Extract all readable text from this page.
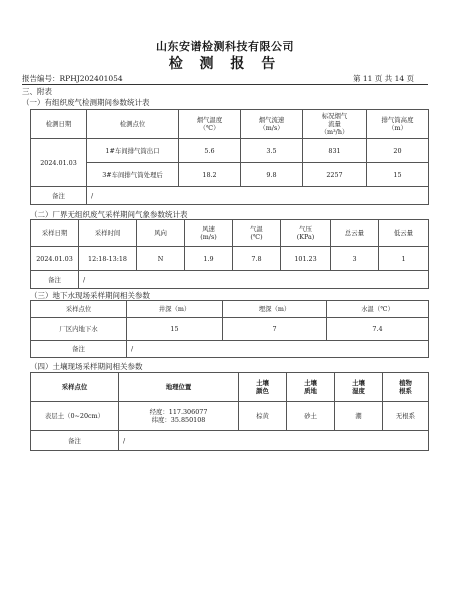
山东安谱检测科技有限公司
检 测 报 告
报告编号：RPHJ202401054	第 11 页 共 14 页
三、附表
（一）有组织废气检测期间参数统计表
检测日期	检测点位	烟气温度
（℃）	烟气流速
（m/s）	标况烟气
流量
（m³/h）	排气筒高度
（m）
2024.01.03	1#车间排气筒出口	5.6	3.5	831	20
	3#车间排气筒处理后	18.2	9.8	2257	15
备注	/				
（二）厂界无组织废气采样期间气象参数统计表
采样日期	采样时间	风向	风速
(m/s)	气温
(℃)	气压
(KPa)	总云量	低云量
2024.01.03	12:18-13:18	N	1.9	7.8	101.23	3	1
备注	/						
（三）地下水现场采样期间相关参数
采样点位	井深（m）	埋深（m）	水温（℃）
厂区内地下水	15	7	7.4
备注	/		
（四）土壤现场采样期间相关参数
采样点位	地理位置	土壤
颜色	土壤
质地	土壤
湿度	植物
根系
表层土（0~20cm）	经度：117.306077
纬度：35.850108	棕黄	砂土	潮	无根系
备注	/				
